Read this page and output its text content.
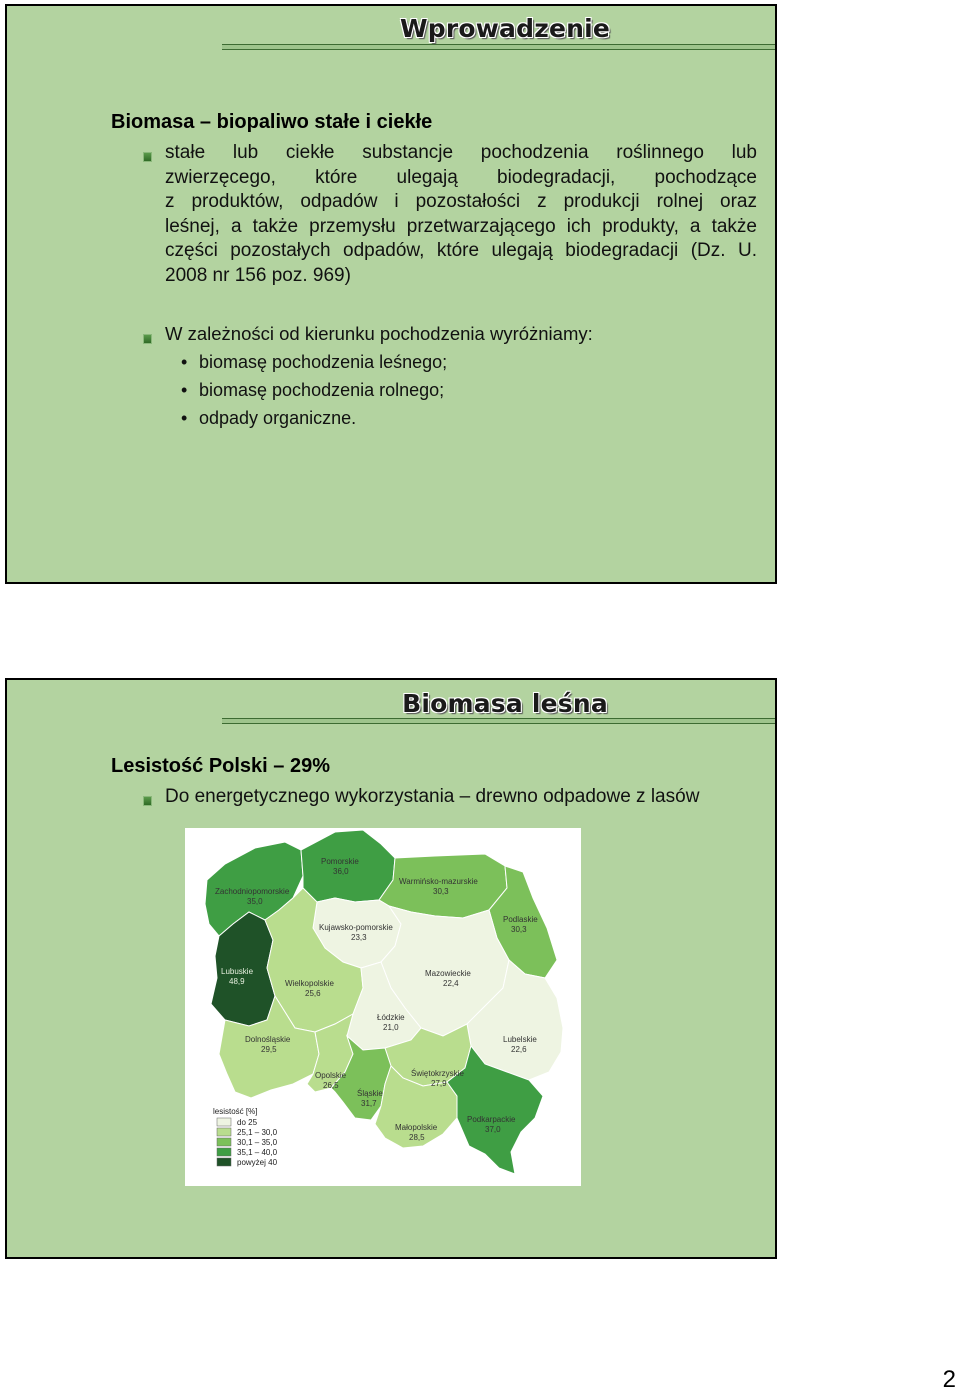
Wprowadzenie
Biomasa – biopaliwo stałe i ciekłe
stałe lub ciekłe substancje pochodzenia roślinnego lub
zwierzęcego, które ulegają biodegradacji, pochodzące
z produktów, odpadów i pozostałości z produkcji rolnej oraz
leśnej, a także przemysłu przetwarzającego ich produkty, a także
części pozostałych odpadów, które ulegają biodegradacji (Dz. U.
2008 nr 156 poz. 969)
W zależności od kierunku pochodzenia wyróżniamy:
• biomasę pochodzenia leśnego;
• biomasę pochodzenia rolnego;
• odpady organiczne.
Biomasa leśna
Lesistość Polski – 29%
Do energetycznego wykorzystania – drewno odpadowe z lasów
Pomorskie
36,0
Zachodniopomorskie
35,0
Warmińsko-mazurskie
30,3
Podlaskie
30,3
Kujawsko-pomorskie
23,3
Lubuskie
48,9	Wielkopolskie
25,6
Mazowieckie
22,4
Łódzkie
21,0
Dolnośląskie
29,5
Lubelskie
22,6
Świętokrzyskie
27,9
Opolskie
26,5
Śląskie
31,7
Małopolskie
28,5
Podkarpackie
37,0
lesistość [%]
do 25
25,1 – 30,0
30,1 – 35,0
35,1 – 40,0
powyżej 40
2
